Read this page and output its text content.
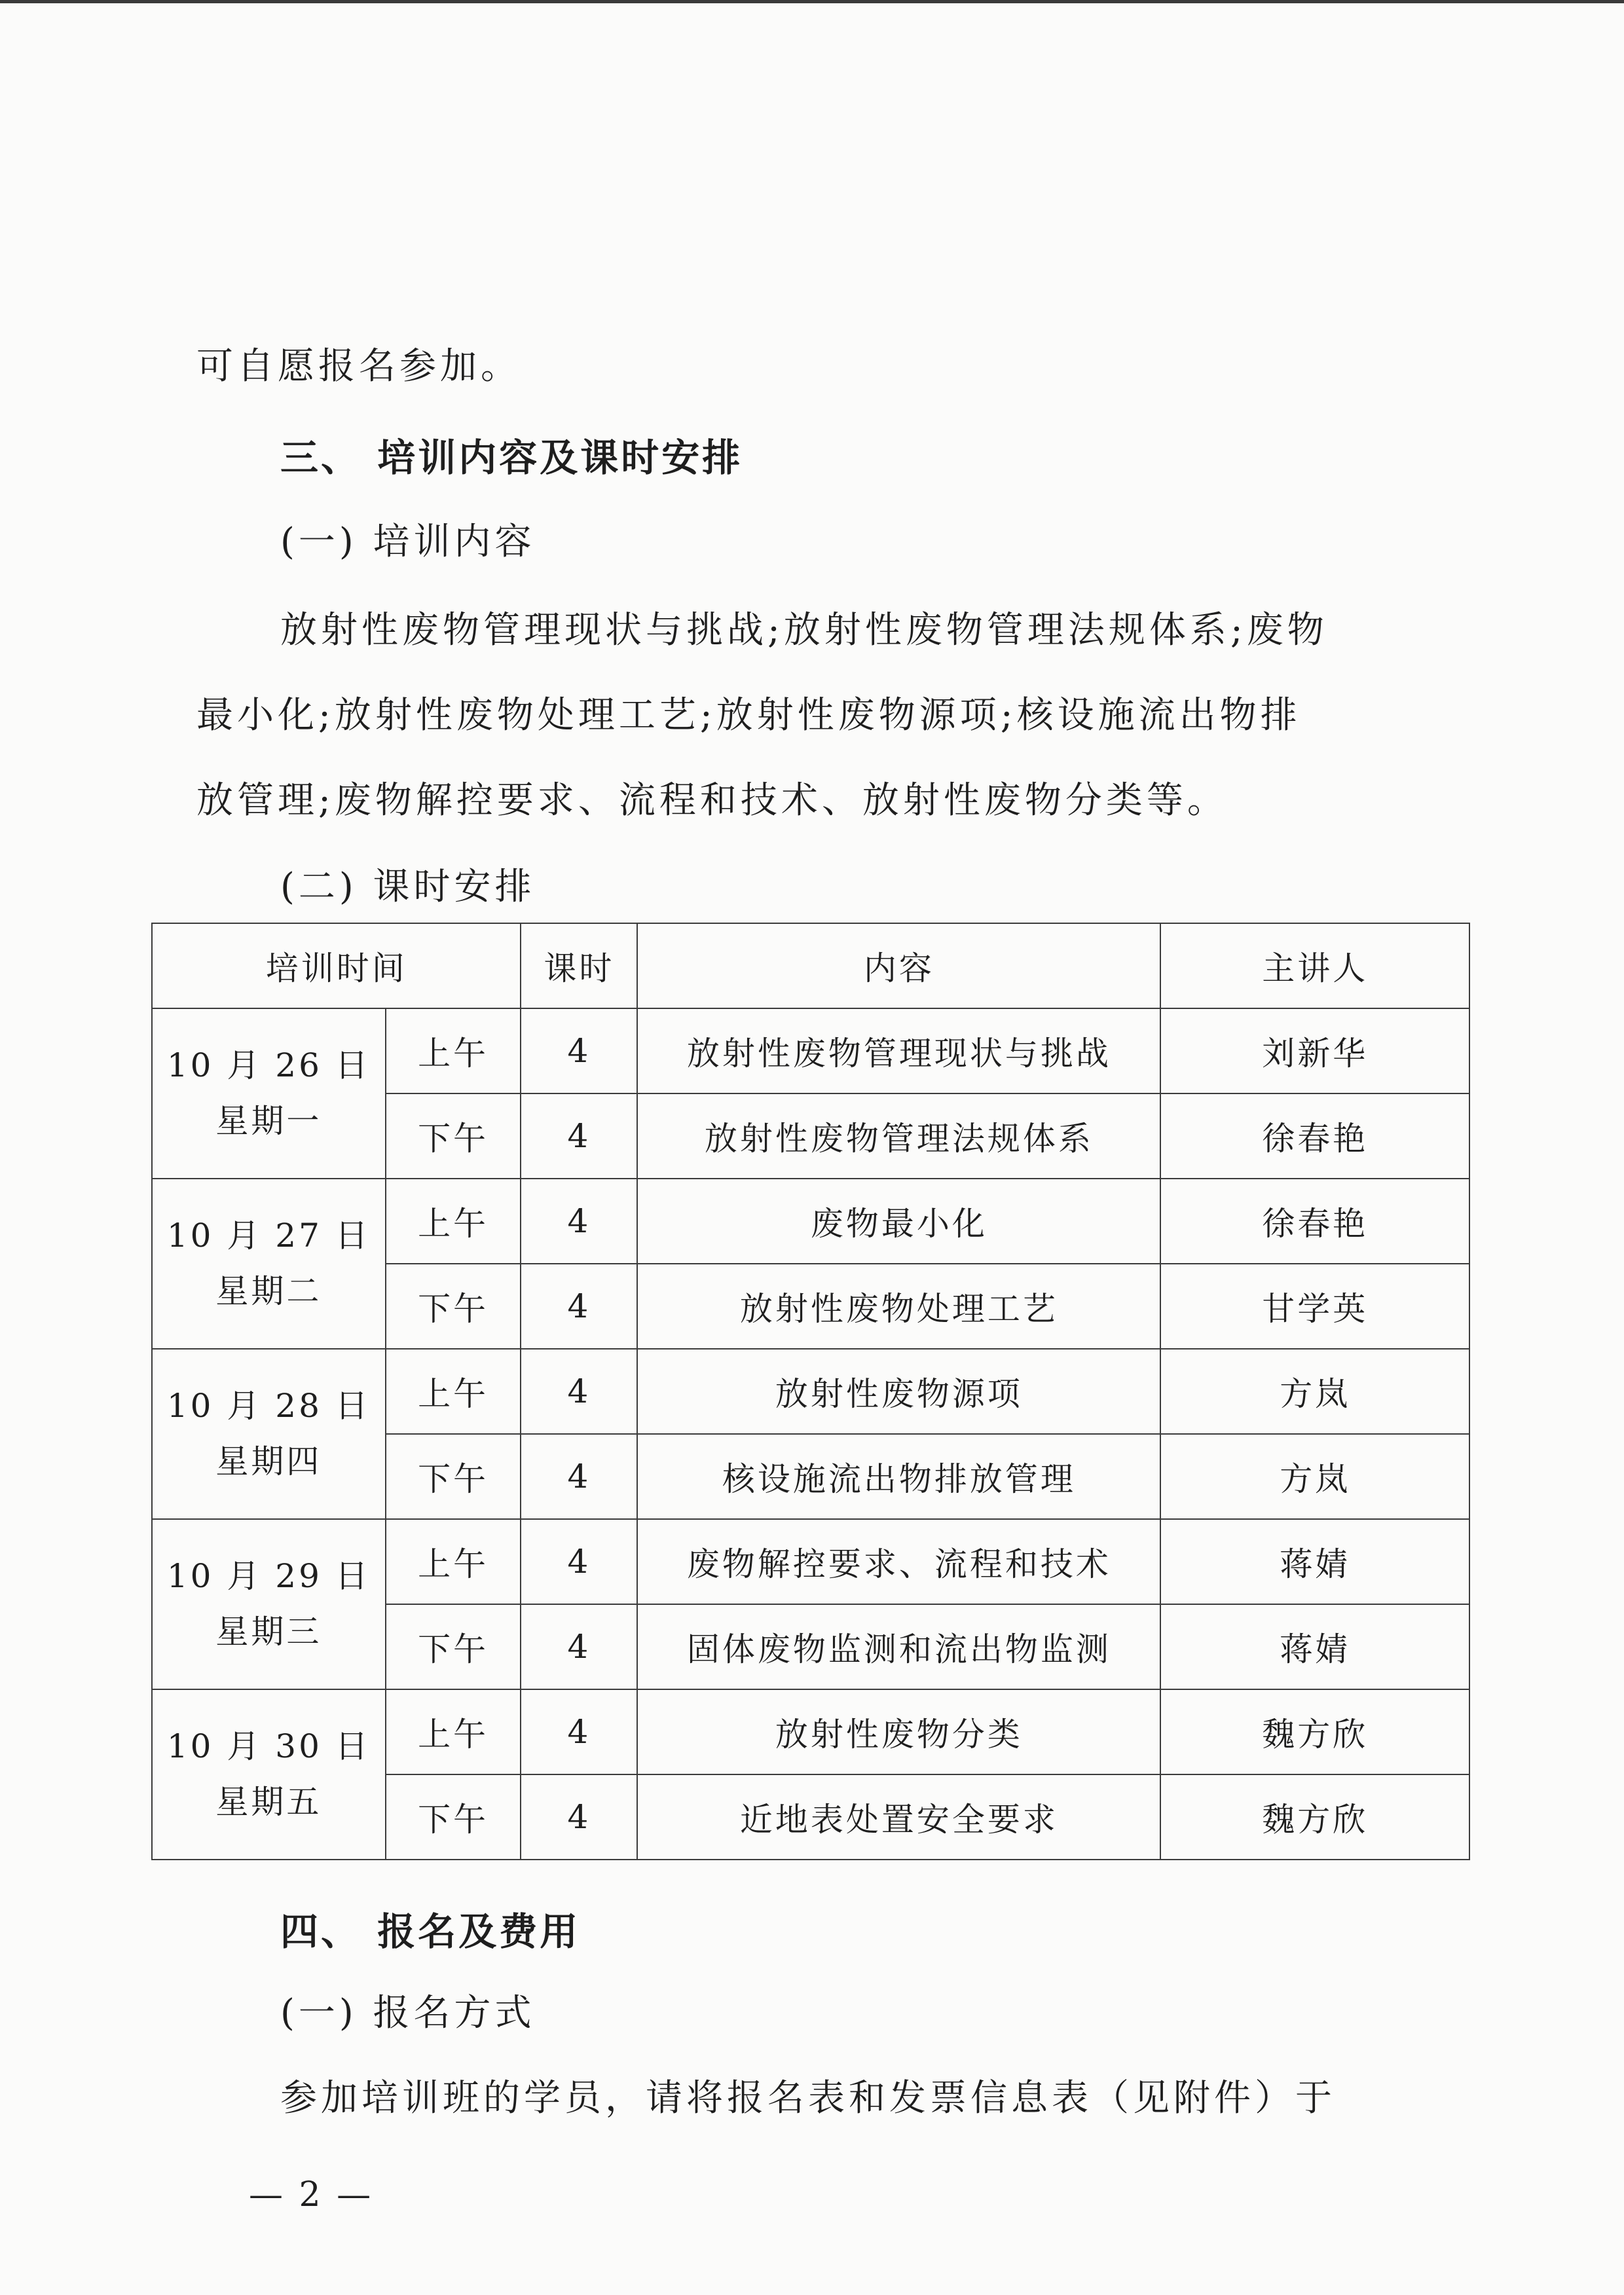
可自愿报名参加。
三、 培训内容及课时安排
(一) 培训内容
放射性废物管理现状与挑战;放射性废物管理法规体系;废物
最小化;放射性废物处理工艺;放射性废物源项;核设施流出物排
放管理;废物解控要求、流程和技术、放射性废物分类等。
(二) 课时安排
培训时间		课时	内容	主讲人

10 月 26 日
星期一	上午	4	放射性废物管理现状与挑战	刘新华
	下午	4	放射性废物管理法规体系	徐春艳

10 月 27 日
星期二	上午	4	废物最小化	徐春艳
	下午	4	放射性废物处理工艺	甘学英

10 月 28 日
星期四	上午	4	放射性废物源项	方岚
	下午	4	核设施流出物排放管理	方岚

10 月 29 日
星期三	上午	4	废物解控要求、流程和技术	蒋婧
	下午	4	固体废物监测和流出物监测	蒋婧

10 月 30 日
星期五	上午	4	放射性废物分类	魏方欣
	下午	4	近地表处置安全要求	魏方欣
四、 报名及费用
(一) 报名方式
参加培训班的学员，请将报名表和发票信息表（见附件）于
— 2 —
